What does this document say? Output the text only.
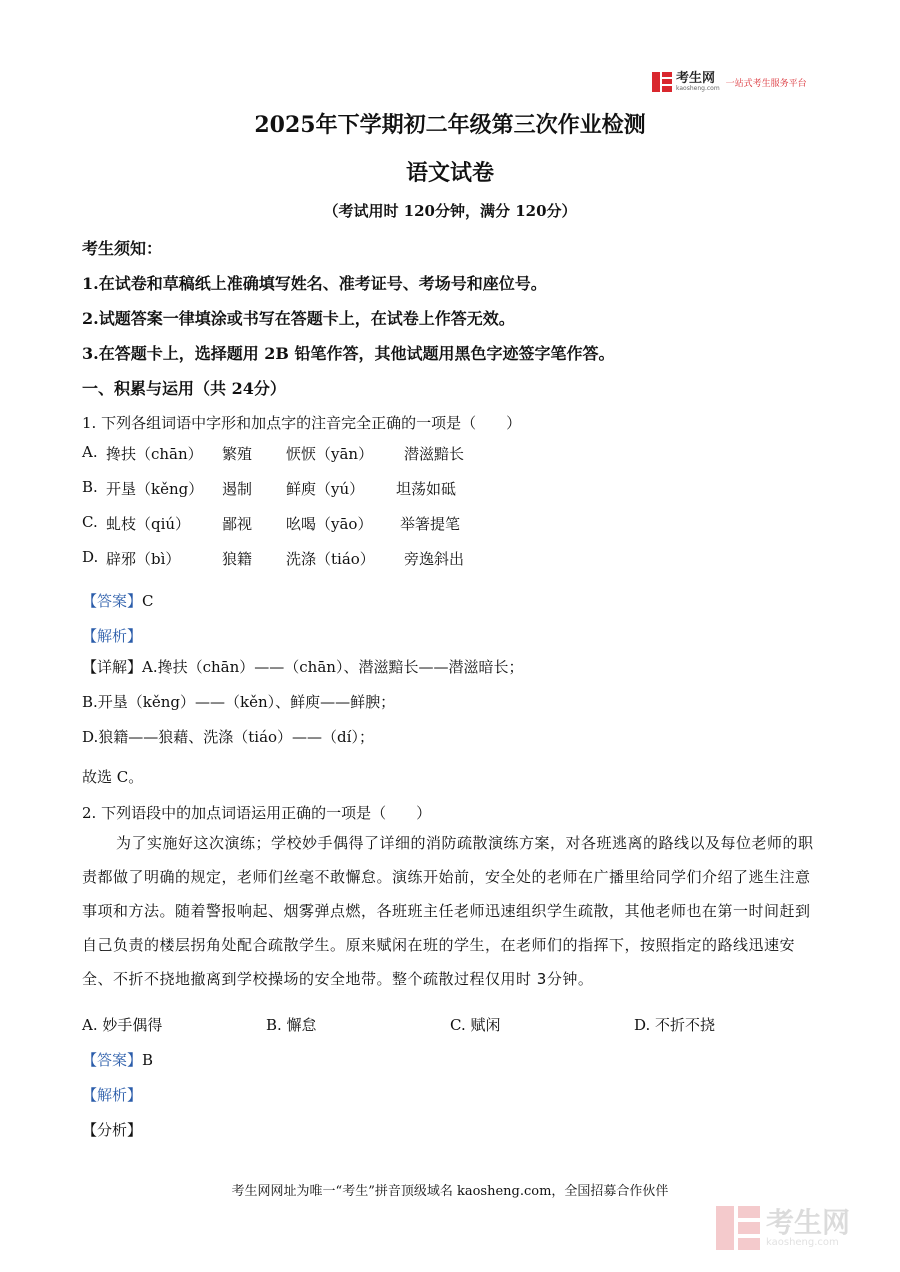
考生网
kaosheng.com 一站式考生服务平台
2025年下学期初二年级第三次作业检测
语文试卷
（考试用时 120分钟，满分 120分）
考生须知：
1.在试卷和草稿纸上准确填写姓名、准考证号、考场号和座位号。
2.试题答案一律填涂或书写在答题卡上，在试卷上作答无效。
3.在答题卡上，选择题用 2B 铅笔作答，其他试题用黑色字迹签字笔作答。
一、积累与运用（共 24分）
1. 下列各组词语中字形和加点字的注音完全正确的一项是（　　）
A. 搀扶（chān） 繁殖 恹恹（yān） 潜滋黯长
B. 开垦（kěng） 遏制 鲜庾（yú） 坦荡如砥
C. 虬枝（qiú） 鄙视 吆喝（yāo） 举箸提笔
D. 辟邪（bì）	狼籍 洗涤（tiáo） 旁逸斜出
【答案】C
【解析】
【详解】A.搀扶（chān）——（chān）、潜滋黯长——潜滋暗长；
B.开垦（kěng）——（kěn）、鲜庾——鲜腴；
D.狼籍——狼藉、洗涤（tiáo）——（dí）；
故选 C。
2. 下列语段中的加点词语运用正确的一项是（　　）
为了实施好这次演练；学校妙手偶得了详细的消防疏散演练方案，对各班逃离的路线以及每位老师的职责都做了明确的规定，老师们丝毫不敢懈怠。演练开始前，安全处的老师在广播里给同学们介绍了逃生注意事项和方法。随着警报响起、烟雾弹点燃，各班班主任老师迅速组织学生疏散，其他老师也在第一时间赶到自己负责的楼层拐角处配合疏散学生。原来赋闲在班的学生，在老师们的指挥下，按照指定的路线迅速安全、不折不挠地撤离到学校操场的安全地带。整个疏散过程仅用时 3分钟。
A. 妙手偶得	B. 懈怠	C. 赋闲	D. 不折不挠
【答案】B
【解析】
【分析】
考生网网址为唯一“考生”拼音顶级域名 kaosheng.com，全国招募合作伙伴
考生网
kaosheng.com
